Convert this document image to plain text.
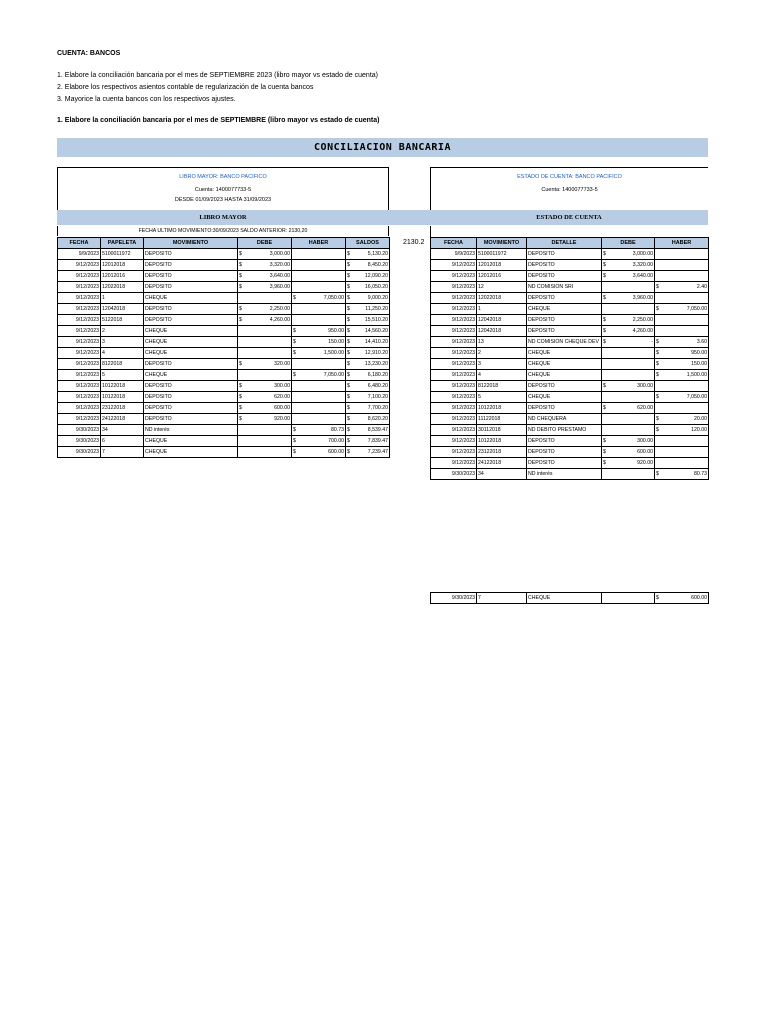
CUENTA: BANCOS
1. Elabore la conciliación bancaria por el mes de SEPTIEMBRE 2023 (libro mayor vs estado de cuenta)
2. Elabore los respectivos asientos contable de regularización de la cuenta bancos
3. Mayorice la cuenta bancos con los respectivos ajustes.
1. Elabore la conciliación bancaria por el mes de SEPTIEMBRE (libro mayor vs estado de cuenta)
CONCILIACION BANCARIA
LIBRO MAYOR: BANCO PACIFICO
Cuenta: 1400077733-5
DESDE 01/09/2023 HASTA 31/09/2023
LIBRO MAYOR
FECHA ULTIMO MOVIMIENTO:30/09/2023 SALDO ANTERIOR: 2130,20
FECHA	PAPELETA	MOVIMIENTO	DEBE	HABER	SALDOS
9/9/2023	5100011972	DEPOSITO	$ 3,000.00		$ 5,130.20

9/12/2023	12012018	DEPOSITO	$ 3,320.00		$ 8,450.20

9/12/2023	12012016	DEPOSITO	$ 3,640.00		$ 12,090.20

9/12/2023	12022018	DEPOSITO	$ 3,960.00		$ 16,050.20

9/12/2023	1	CHEQUE		$ 7,050.00	$ 9,000.20

9/12/2023	12042018	DEPOSITO	$ 2,250.00		$ 11,250.20

9/12/2023	5122018	DEPOSITO	$ 4,260.00		$ 15,510.20

9/12/2023	2	CHEQUE		$ 950.00	$ 14,560.20

9/12/2023	3	CHEQUE		$ 150.00	$ 14,410.20

9/12/2023	4	CHEQUE		$ 1,500.00	$ 12,910.20

9/12/2023	8122018	DEPOSITO	$ 320.00		$ 13,230.20

9/12/2023	5	CHEQUE		$ 7,050.00	$ 6,180.20

9/12/2023	10122018	DEPOSITO	$ 300.00		$ 6,480.20

9/12/2023	10122018	DEPOSITO	$ 620.00		$ 7,100.20

9/12/2023	23122018	DEPOSITO	$ 600.00		$ 7,700.20

9/12/2023	24122018	DEPOSITO	$ 920.00		$ 8,620.20

9/30/2023	34	ND interés		$ 80.73	$ 8,539.47

9/30/2023	6	CHEQUE		$ 700.00	$ 7,839.47

9/30/2023	7	CHEQUE		$ 600.00	$ 7,239.47
2130.2
ESTADO DE CUENTA: BANCO PACIFICO
Cuenta: 1400077733-5
ESTADO DE CUENTA
FECHA	MOVIMIENTO	DETALLE	DEBE	HABER
9/9/2023	5100011972	DEPOSITO	$ 3,000.00	

9/12/2023	12012018	DEPOSITO	$ 3,320.00	

9/12/2023	12012016	DEPOSITO	$ 3,640.00	

9/12/2023	12	ND COMISION SRI		$ 2.40

9/12/2023	12022018	DEPOSITO	$ 3,960.00	

9/12/2023	1	CHEQUE		$ 7,050.00

9/12/2023	12042018	DEPOSITO	$ 2,250.00	

9/12/2023	12042018	DEPOSITO	$ 4,260.00	

9/12/2023	13	ND COMISION CHEQUE DEV	$ -	$ 3.60

9/12/2023	2	CHEQUE		$ 950.00

9/12/2023	3	CHEQUE		$ 150.00

9/12/2023	4	CHEQUE		$ 1,500.00

9/12/2023	8122018	DEPOSITO	$ 300.00	

9/12/2023	5	CHEQUE		$ 7,050.00

9/12/2023	10122018	DEPOSITO	$ 620.00	

9/12/2023	11122018	ND CHEQUERA		$ 20.00

9/12/2023	30112018	ND DEBITO PRESTAMO		$ 120.00

9/12/2023	10122018	DEPOSITO	$ 300.00	

9/12/2023	23122018	DEPOSITO	$ 600.00	

9/12/2023	24122018	DEPOSITO	$ 920.00	

9/30/2023	34	ND interés		$ 80.73
9/30/2023	7	CHEQUE		$	600.00
